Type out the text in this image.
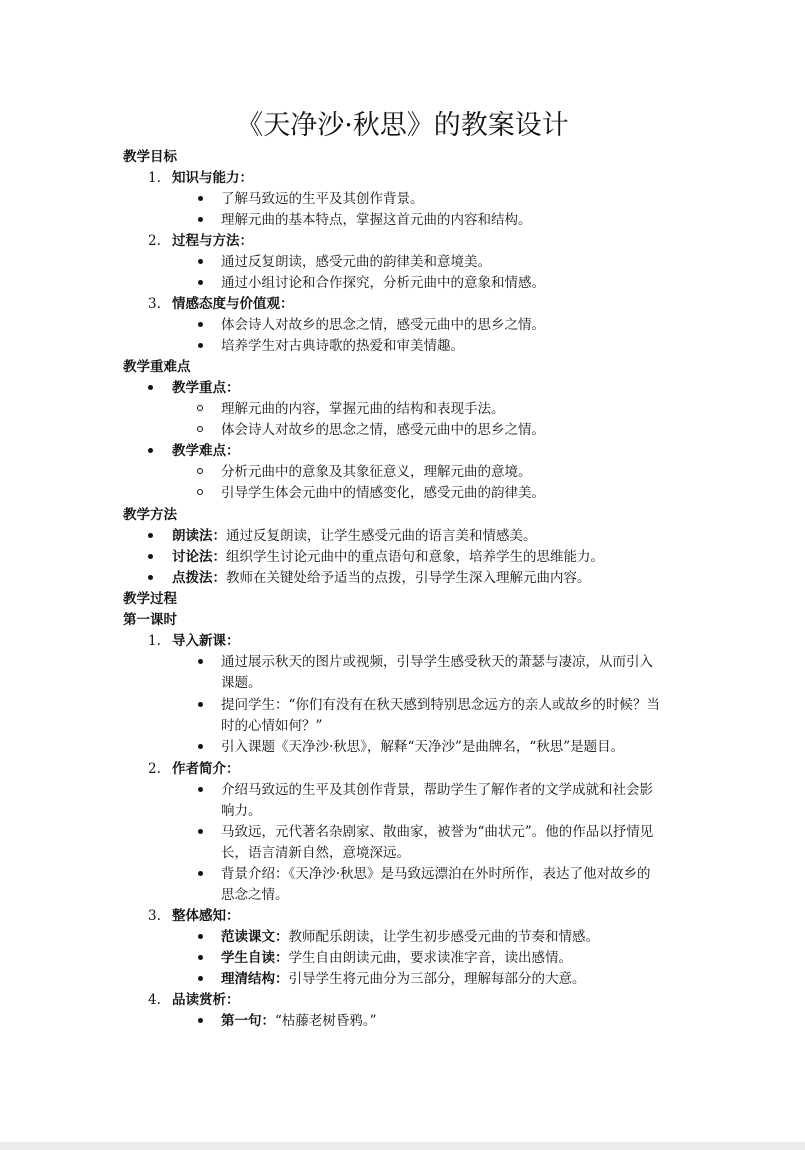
《天净沙·秋思》的教案设计
教学目标
1. 知识与能力：
了解马致远的生平及其创作背景。
理解元曲的基本特点，掌握这首元曲的内容和结构。
2. 过程与方法：
通过反复朗读，感受元曲的韵律美和意境美。
通过小组讨论和合作探究，分析元曲中的意象和情感。
3. 情感态度与价值观：
体会诗人对故乡的思念之情，感受元曲中的思乡之情。
培养学生对古典诗歌的热爱和审美情趣。
教学重难点
教学重点：
理解元曲的内容，掌握元曲的结构和表现手法。
体会诗人对故乡的思念之情，感受元曲中的思乡之情。
教学难点：
分析元曲中的意象及其象征意义，理解元曲的意境。
引导学生体会元曲中的情感变化，感受元曲的韵律美。
教学方法
朗读法：通过反复朗读，让学生感受元曲的语言美和情感美。
讨论法：组织学生讨论元曲中的重点语句和意象，培养学生的思维能力。
点拨法：教师在关键处给予适当的点拨，引导学生深入理解元曲内容。
教学过程
第一课时
1. 导入新课：
通过展示秋天的图片或视频，引导学生感受秋天的萧瑟与凄凉，从而引入
课题。
提问学生：“你们有没有在秋天感到特别思念远方的亲人或故乡的时候？当
时的心情如何？”
引入课题《天净沙·秋思》，解释“天净沙”是曲牌名，“秋思”是题目。
2. 作者简介：
介绍马致远的生平及其创作背景，帮助学生了解作者的文学成就和社会影
响力。
马致远，元代著名杂剧家、散曲家，被誉为“曲状元”。他的作品以抒情见
长，语言清新自然，意境深远。
背景介绍：《天净沙·秋思》是马致远漂泊在外时所作，表达了他对故乡的
思念之情。
3. 整体感知：
范读课文：教师配乐朗读，让学生初步感受元曲的节奏和情感。
学生自读：学生自由朗读元曲，要求读准字音，读出感情。
理清结构：引导学生将元曲分为三部分，理解每部分的大意。
4. 品读赏析：
第一句：“枯藤老树昏鸦。”
